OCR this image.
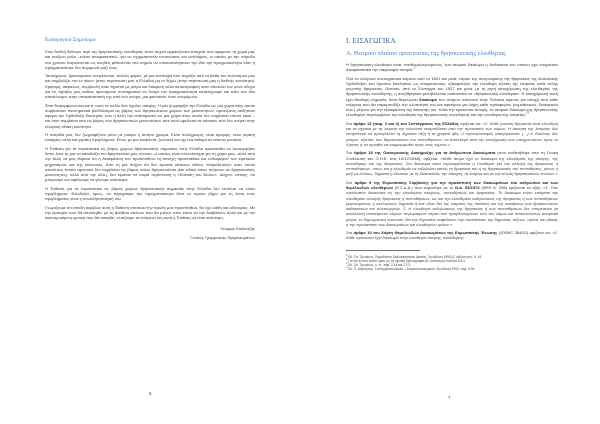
Εισαγωγικό Σημείωμα

Στον διεθνή διάλογο περί της θρησκευτικής ελευθερίας πολύ συχνά εμφανίζονται στοιχεία που αφορούν τη χώρα μας και παίζουν ρόλο –ενίοτε αποφασιστικό– για να σχηματιστούν εντυπώσεις και αντιλήψεις, οι οποίες με την πάροδο του χρόνου παγιώνονται ως αληθείς φθάνοντας στο σημείο να υποκαταστήσουν την ίδια την πραγματικότητα όταν η πραγματικότητα δεν συμφωνεί μαζί τους.

Ταυτόχρονα, βρισκόμαστε αντιμέτωποι, πολλές φορές, με μια αντίληψη που πηγάζει από τα βάθη του πολιτισμού μας και συμβολίζει «τα εν οίκω» (στην περίπτωσή μας η Ελλάδα) μη εν δήμω (στην περίπτωσή μας η διεθνής κοινότητα). Χρήσιμη, ασφαλώς, συμβουλή όταν τηρείται με μέτρο και διάκριση αλλά καταστροφική όταν αποτελεί τον μόνο οδηγό για τις πράξεις μας καθώς αρνούμενοι συστηματικά να δούμε την πραγματικότητα καταλήγουμε και πάλι στο ίδιο αποτέλεσμα: στην υποκατάστασή της από ένα όνειρο, μια φαντασία, έναν ανεμόμυλο.

Έτσι διαμορφώνονται και σ’ αυτό το πεδίο δύο σχολές σκέψης. Η μία ζωγραφίζει την Ελλάδα ως μια χώρα στην οποία συμβαίνουν συστηματικά βανδαλισμοί εις βάρος των θρησκευτικών χώρων των μειονοτήτων, αρνούμενη οτιδήποτε αφορά την Ορθόδοξη Εκκλησία, ενώ η άλλη την αναπαριστά ως μια χώρα στην οποία δεν συμβαίνει τίποτα κακό – και όταν συμβαίνει κάτι εις βάρος των θρησκευτικών μειονοτήτων τότε αυτό οφείλεται σε κάποιον που δεν ανήκει στην ελληνική εθνική κοινότητα.

Η πατρίδα μας δεν ζωγραφίζεται μόνο με μαύρο ή άσπρο χρώμα. Είναι πολύχρωμη, είναι όμορφη, είναι γεμάτη ευκαιρίες αλλά και γεμάτη προβλήματα. Είναι, με μια κουβέντα, ζωντανή και όχι ένα έκθεμα σε κάποιο μουσείο.

Η Έκθεση για τα περιστατικά εις βάρος χώρων θρησκευτικής σημασίας στην Ελλάδα προσπαθεί να λειτουργήσει διττά. Από τη μια να καταδείξει τον θρησκευτικό μας πλούτο –ο οποίος είναι πλεονέκτημα για τη χώρα μας– αλλά από την άλλη να μας θυμίσει ότι η διασφάλιση του προϋποθέτει τη συνεχή προσπάθεια και ενδιαφέρον των κρατικών μηχανισμών και της κοινωνίας. Από τη μια δείχνει ότι δεν είμαστε κάποιου είδους «παράδεισος» στον οποίο απολύτως τίποτα αρνητικό δεν συμβαίνει εις βάρος όσων θρησκευόνται (και ειδικά όσων ανήκουν σε θρησκευτικές μειονότητες), αλλά από την άλλη, δεν είμαστε σε καμιά περίπτωση η «Κόλαση του Άλλου». Δείχνει, επίσης, ότι μπορούμε και οφείλουμε να γίνουμε καλύτεροι.

Η Έκθεση για τα περιστατικά εις βάρος χώρων θρησκευτικής σημασίας στην Ελλάδα δεν επιλύνει να λύσει προβλήματα. Φιλοδοξεί, όμως, να περιγράψει την πραγματικότητα διότι το πρώτο βήμα για τη λύση ενός προβλήματος είναι η συνειδητοποίησή του.

Γνωρίζουμε ότι επειδή ακριβώς αυτή η Έκθεση αποτελεί την πρώτη μας προσπάθεια, θα έχει λάθη και αδυναμίες. Με την εμπειρία που θα αποκτηθεί, με τη βοήθεια εκείνων που θα μπουν στον κόπο να την διαβάσουν αλλά και με την καλοπροαίρετη κριτική που θα ασκηθεί, ελπίζουμε τα επόμενα έτη αυτή η Έκθεση να είναι καλύτερη.

Γιώργος Καλαντζής
Γενικός Γραμματέας Θρησκευμάτων
6
Ι. ΕΙΣΑΓΩΓΙΚΑ
Α. Θεσμικό πλαίσιο προστασίας της θρησκευτικής ελευθερίας

Η θρησκευτική ελευθερία είναι, πανθομολογουμένως, ένα ατομικό δικαίωμα η διαδικασία του οποίου έχει επηρεάσει αποφασιστικά την παγκόσμια ιστορία.$^1$

Όλα τα ελληνικά συνταγματικά κείμενα από το 1821 και μετά, πέραν της αναγνώρισης της θρησκείας της Ανατολικής Ορθοδόξου του Χριστού Εκκλησίας ως επικρατούσας, εξασφάλιζαν την ελεύθερη τέλεση της λατρείας κάθε άλλης γνωστής θρησκείας. Ωστόσο, από το Σύνταγμα του 1927 και μετά, με τη ρητή κατοχύρωση της ελευθερίας της θρησκευτικής συνείδησης, η ανεξιθρησκία μεταβάλλεται ουσιαστικά σε «θρησκευτική ελευθερία». Η κατοχύρωση αυτή έχει ιδιαίτερη σημασία, διότι θεμελιώνει δικαίωμα των ατόμων απέναντι στην Πολιτεία αφενός για αποχή από κάθε ενέργεια που θα παρεμποδίζε την υλοποίησή του και αφετέρου για λήψη κάθε πρόσφορου (νομοθετικού, διοικητικού κλπ.) μέτρου για την εξασφάλιση της άσκησής του. Κατά την κρατούσα άποψη, το ατομικό δικαίωμα της θρησκευτικής ελευθερίας περιλαμβάνει την ελευθερία της θρησκευτικής συνείδησης και την ελευθερία της λατρείας.$^{23}$

Στο άρθρο 13 (παρ. 2 και 4) του Συντάγματος της Ελλάδας ορίζεται ότι: «2. Κάθε γνωστή θρησκεία είναι ελεύθερη και τα σχετικά με τη λατρεία της τελούνται ανεμπόδιστα υπό την προστασία των νόμων. Η άσκηση της λατρείας δεν επιτρέπεται να προσβάλλει τη δημόσια τάξη ή τα χρηστά ήθη. Ο προσηλυτισμός απαγορεύεται. […] 4. Κανένας δεν μπορεί, εξαιτίας των θρησκευτικών του πεποιθήσεων, να απαλλαγεί από την εκπλήρωση των υποχρεώσεων προς το Κράτος ή να αρνηθεί να συμμορφωθεί προς τους νόμους.»

Στο άρθρο 18 της Οικουμενικής Διακήρυξης για τα Ανθρώπινα Δικαιώματα (που υιοθετήθηκε από τη Γενική Συνέλευση του Ο.Η.Ε. στις 10/12/1948), ορίζεται: «Κάθε άτομο έχει το δικαίωμα της ελευθερίας της σκέψης, της συνείδησης και της θρησκείας. Στο δικαίωμα αυτό περιλαμβάνεται η ελευθερία για την αλλαγή της θρησκείας ή πεποιθήσεων, όπως και η ελευθερία να εκδηλώνει κανείς τη θρησκεία του ή τις θρησκευτικές του πεποιθήσεις, μόνος ή μαζί με άλλους, δημόσια ή ιδιωτικά, με τη διδασκαλία, την άσκηση, τη λατρεία και με την τέλεση θρησκευτικών τελετών.»

Στο άρθρο 9 της Ευρωπαϊκής Σύμβασης για την προάσπιση των δικαιωμάτων του ανθρώπου και των θεμελιωδών ελευθεριών (Ε.Σ.Δ.Α.) που κυρώθηκε με το Ν.Δ. 53/1974 (ΦΕΚ Α΄ 256) ορίζονται τα εξής: «1. Παν πρόσωπον δικαιούται εις την ελευθερίαν σκέψεως, συνειδήσεως και θρησκείας. Το δικαίωμα τούτο επάγεται την ελευθερίαν αλλαγής θρησκείας ή πεποιθήσεων, ως και την ελευθερίαν εκδηλώσεως της θρησκείας ή των πεποιθήσεων μεμονωμένως ή συλλογικώς δημοσία ή κατ’ ιδίαν δια της λατρείας της παιδείας και της ασκήσεως των θρησκευτικών καθηκόντων και τελετουργιών. 2. Η ελευθερία εκδηλώσεως της θρησκείας ή των πεποιθήσεων δεν επιτρέπεται να αποτελέση αντικείμενον ετέρων περιορισμών πέραν των προβλεπομένων υπό του νόμου και αποτελούντων αναγκαία μέτρα, εν δημοκρατική κοινωνία, δια την δημοσίαν ασφάλειαν, την προάσπισιν της δημοσίας τάξεως, υγείας και ηθικής ή την προάσπισιν των δικαιωμάτων και ελευθεριών τρίτων.»

Στο άρθρο 10 του Χάρτη Θεμελιωδών Δικαιωμάτων της Ευρωπαϊκής Ένωσης (2000/C 364/01) ορίζεται ότι: «1. Κάθε πρόσωπο έχει δικαίωμα στην ελευθερία σκέψης, συνείδησης

$^1$ Βλ. Σπ. Τρωιάνος, Παραδόσεις Εκκλησιαστικού Δικαίου, 3η έκδοση 1998, β΄ έκδοση σελ. 9, 16.
$^2$ Για την έννοια αυτού όρου ως τη σχετική βιβλιογραφία βλ. καταλόγου ενότητα 8.8.1.
$^3$ Βλ. Σπ. Τρωιάνος, ό. π., παρ. 2.14 και 2.2.3.
$^4$ Βλ. Π. Δαγτόγλου, Συνταγματικό Δίκαιο – Ατομικά Δικαιώματα, 3η έκδοση 1991, παρ. 5.94.
7
